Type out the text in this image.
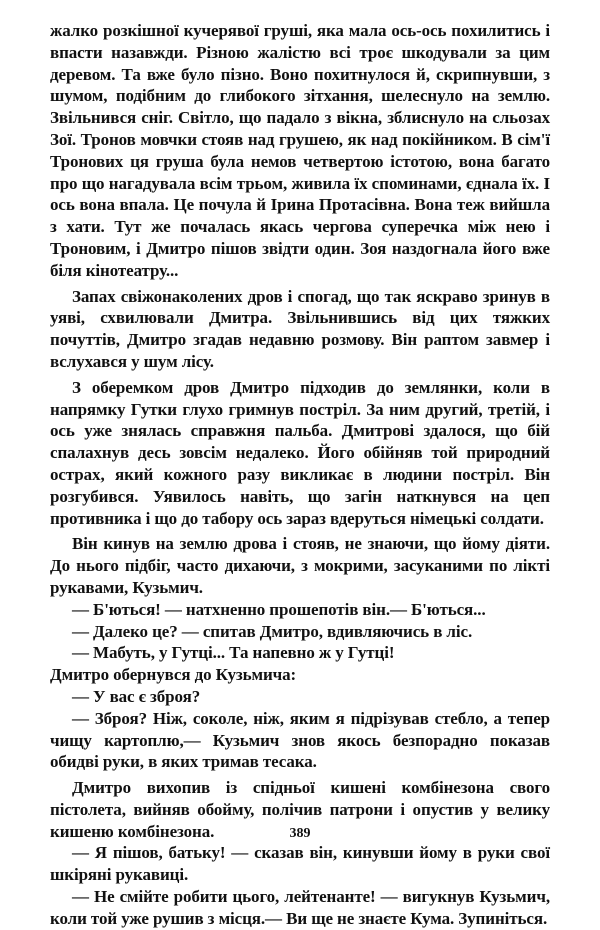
жалко розкішної кучерявої груші, яка мала ось-ось похилитись і впасти назавжди. Різною жалістю всі троє шкодували за цим деревом. Та вже було пізно. Воно похитнулося й, скрипнувши, з шумом, подібним до глибокого зітхання, шелеснуло на землю. Звільнився сніг. Світло, що падало з вікна, зблиснуло на сльозах Зої. Тронов мовчки стояв над грушею, як над покійником. В сім'ї Тронових ця груша була немов четвертою істотою, вона багато про що нагадувала всім трьом, живила їх споминами, єднала їх. І ось вона впала. Це почула й Ірина Протасівна. Вона теж вийшла з хати. Тут же почалась якась чергова суперечка між нею і Троновим, і Дмитро пішов звідти один. Зоя наздогнала його вже біля кінотеатру...

Запах свіжонаколених дров і спогад, що так яскраво зринув в уяві, схвилювали Дмитра. Звільнившись від цих тяжких почуттів, Дмитро згадав недавню розмову. Він раптом завмер і вслухався у шум лісу.

З оберемком дров Дмитро підходив до землянки, коли в напрямку Гутки глухо гримнув постріл. За ним другий, третій, і ось уже знялась справжня пальба. Дмитрові здалося, що бій спалахнув десь зовсім недалеко. Його обійняв той природний острах, який кожного разу викликає в людини постріл. Він розгубився. Уявилось навіть, що загін наткнувся на цеп противника і що до табору ось зараз вдеруться німецькі солдати.

Він кинув на землю дрова і стояв, не знаючи, що йому діяти. До нього підбіг, часто дихаючи, з мокрими, засуканими по лікті рукавами, Кузьмич.

— Б'ються! — натхненно прошепотів він.— Б'ються...

— Далеко це? — спитав Дмитро, вдивляючись в ліс.

— Мабуть, у Гутці... Та напевно ж у Гутці!

Дмитро обернувся до Кузьмича:

— У вас є зброя?

— Зброя? Ніж, соколе, ніж, яким я підрізував стебло, а тепер чищу картоплю,— Кузьмич знов якось безпорадно показав обидві руки, в яких тримав тесака.

Дмитро вихопив із спідньої кишені комбінезона свого пістолета, вийняв обойму, полічив патрони і опустив у велику кишеню комбінезона.

— Я пішов, батьку! — сказав він, кинувши йому в руки свої шкіряні рукавиці.

— Не смійте робити цього, лейтенанте! — вигукнув Кузьмич, коли той уже рушив з місця.— Ви ще не знаєте Кума. Зупиніться.

389
